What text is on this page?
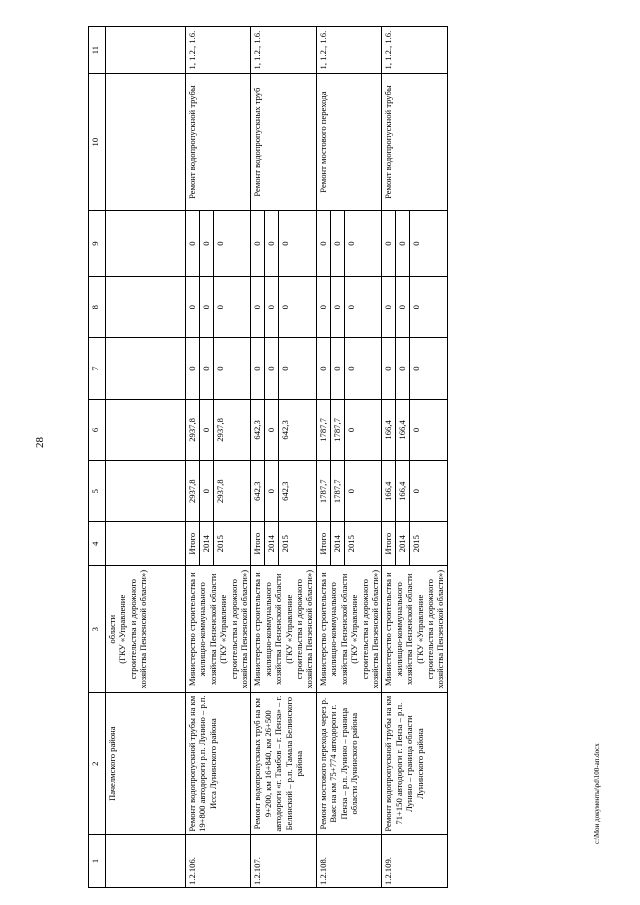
28
1	2	3	4	5	6	7	8	9	10	11
	Пачелмского района	области
(ГКУ «Управление строительства и дорожного хозяйства Пензенской области»)								
1.2.106.	Ремонт водопропускной трубы на км 19+800 автодороги р.п. Лунино – р.п. Исса Лунинского района	Министерство строительства и жилищно-коммунального хозяйства Пензенской области (ГКУ «Управление строительства и дорожного хозяйства Пензенской области»)	Итого	2937,8	2937,8	0	0	0	Ремонт водопропускной трубы	1, 1.2., 1.6.
			2014	0	0	0	0	0		
			2015	2937,8	2937,8	0	0	0		
1.2.107.	Ремонт водопропускных труб на км 9+200, км 16+840, км 26+500 автодороги «г. Тамбов – г. Пенза» – г. Белинский – р.п. Тамала Белинского района	Министерство строительства и жилищно-коммунального хозяйства Пензенской области (ГКУ «Управление строительства и дорожного хозяйства Пензенской области»)	Итого	642,3	642,3	0	0	0	Ремонт водопропускных труб	1, 1.2., 1.6.
			2014	0	0	0	0	0		
			2015	642,3	642,3	0	0	0		
1.2.108.	Ремонт мостового перехода через р. Вьяс на км 75+774 автодороги г. Пенза – р.п. Лунино – граница области Лунинского района	Министерство строительства и жилищно-коммунального хозяйства Пензенской области (ГКУ «Управление строительства и дорожного хозяйства Пензенской области»)	Итого	1787,7	1787,7	0	0	0	Ремонт мостового перехода	1, 1.2., 1.6.
			2014	1787,7	1787,7	0	0	0		
			2015	0	0	0	0	0		
1.2.109.	Ремонт водопропускной трубы на км 71+150 автодороги г. Пенза – р.п. Лунино – граница области Лунинского района	Министерство строительства и жилищно-коммунального хозяйства Пензенской области (ГКУ «Управление строительства и дорожного хозяйства Пензенской области»)	Итого	166,4	166,4	0	0	0	Ремонт водопропускной трубы	1, 1.2., 1.6.
			2014	166,4	166,4	0	0	0		
			2015	0	0	0	0	0		
c:\Мои документы\pd\100-ап.docx
